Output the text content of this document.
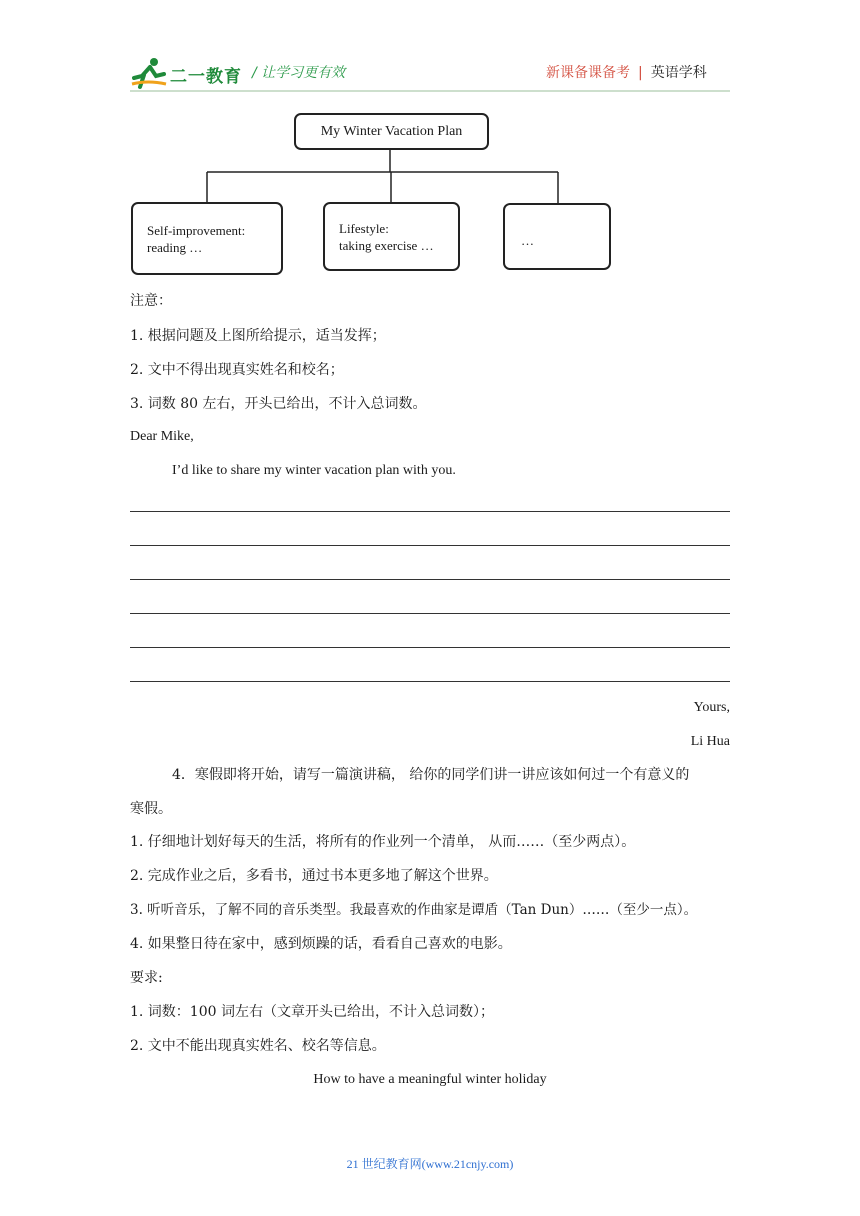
二一教育 / 让学习更有效	新课备课备考 | 英语学科
My Winter Vacation Plan
Self-improvement:
reading …
Lifestyle:
taking exercise …	…
注意：
1. 根据问题及上图所给提示，适当发挥；
2. 文中不得出现真实姓名和校名；
3. 词数 80 左右，开头已给出，不计入总词数。
Dear Mike,
I’d like to share my winter vacation plan with you.
Yours,
Li Hua
4．寒假即将开始，请写一篇演讲稿， 给你的同学们讲一讲应该如何过一个有意义的
寒假。
1. 仔细地计划好每天的生活，将所有的作业列一个清单， 从而……（至少两点）。
2. 完成作业之后，多看书，通过书本更多地了解这个世界。
3. 听听音乐，了解不同的音乐类型。我最喜欢的作曲家是谭盾（Tan Dun）……（至少一点）。
4. 如果整日待在家中，感到烦躁的话，看看自己喜欢的电影。
要求:
1. 词数：100 词左右（文章开头已给出，不计入总词数）；
2. 文中不能出现真实姓名、校名等信息。
How to have a meaningful winter holiday
21 世纪教育网(www.21cnjy.com)
